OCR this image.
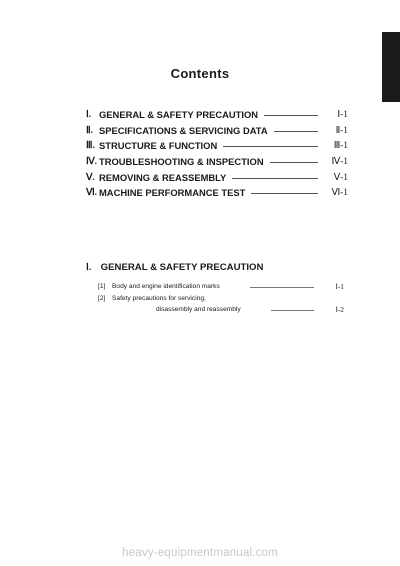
Contents
Ⅰ. GENERAL & SAFETY PRECAUTION	Ⅰ-1
Ⅱ. SPECIFICATIONS & SERVICING DATA	Ⅱ-1
Ⅲ. STRUCTURE & FUNCTION	Ⅲ-1
Ⅳ. TROUBLESHOOTING & INSPECTION	Ⅳ-1
Ⅴ. REMOVING & REASSEMBLY	Ⅴ-1
Ⅵ. MACHINE PERFORMANCE TEST	Ⅵ-1
Ⅰ. GENERAL & SAFETY PRECAUTION
[1]	Body and engine identification marks	Ⅰ-1
[2]	Safety precautions for servicing,
disassembly and reassembly	Ⅰ-2
heavy-equipmentmanual.com
